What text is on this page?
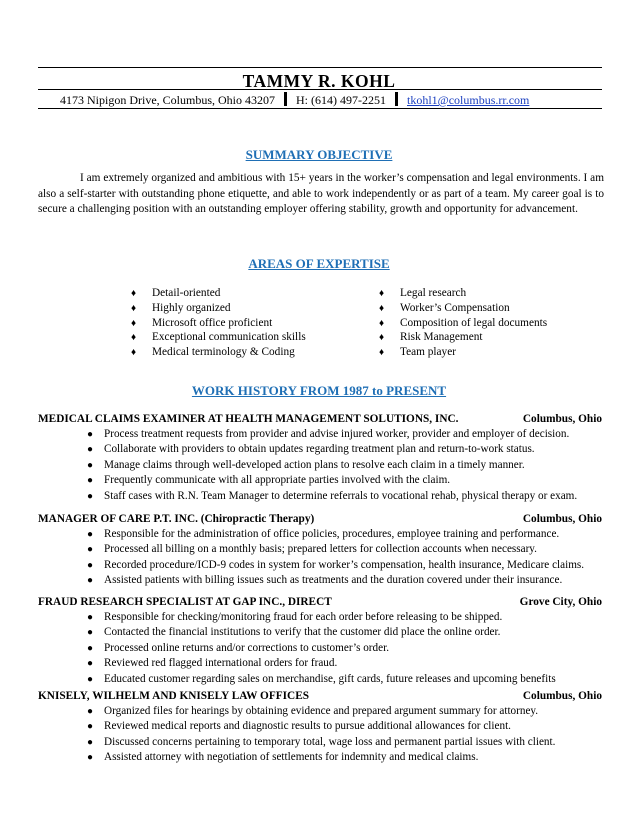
TAMMY R. KOHL
4173 Nipigon Drive, Columbus, Ohio 43207 H: (614) 497-2251 tkohl1@columbus.rr.com
SUMMARY OBJECTIVE
I am extremely organized and ambitious with 15+ years in the worker’s compensation and legal environments. I am also a self-starter with outstanding phone etiquette, and able to work independently or as part of a team. My career goal is to secure a challenging position with an outstanding employer offering stability, growth and opportunity for advancement.
AREAS OF EXPERTISE
♦ Detail-oriented
♦ Highly organized
♦ Microsoft office proficient
♦ Exceptional communication skills
♦ Medical terminology & Coding
♦ Legal research
♦ Worker’s Compensation
♦ Composition of legal documents
♦ Risk Management
♦ Team player
WORK HISTORY FROM 1987 to PRESENT
MEDICAL CLAIMS EXAMINER AT HEALTH MANAGEMENT SOLUTIONS, INC.	Columbus, Ohio
● Process treatment requests from provider and advise injured worker, provider and employer of decision.
● Collaborate with providers to obtain updates regarding treatment plan and return-to-work status.
● Manage claims through well-developed action plans to resolve each claim in a timely manner.
● Frequently communicate with all appropriate parties involved with the claim.
● Staff cases with R.N. Team Manager to determine referrals to vocational rehab, physical therapy or exam.
MANAGER OF CARE P.T. INC. (Chiropractic Therapy)	Columbus, Ohio
● Responsible for the administration of office policies, procedures, employee training and performance.
● Processed all billing on a monthly basis; prepared letters for collection accounts when necessary.
● Recorded procedure/ICD-9 codes in system for worker’s compensation, health insurance, Medicare claims.
● Assisted patients with billing issues such as treatments and the duration covered under their insurance.
FRAUD RESEARCH SPECIALIST AT GAP INC., DIRECT	Grove City, Ohio
● Responsible for checking/monitoring fraud for each order before releasing to be shipped.
● Contacted the financial institutions to verify that the customer did place the online order.
● Processed online returns and/or corrections to customer’s order.
● Reviewed red flagged international orders for fraud.
● Educated customer regarding sales on merchandise, gift cards, future releases and upcoming benefits
KNISELY, WILHELM AND KNISELY LAW OFFICES	Columbus, Ohio
● Organized files for hearings by obtaining evidence and prepared argument summary for attorney.
● Reviewed medical reports and diagnostic results to pursue additional allowances for client.
● Discussed concerns pertaining to temporary total, wage loss and permanent partial issues with client.
● Assisted attorney with negotiation of settlements for indemnity and medical claims.
